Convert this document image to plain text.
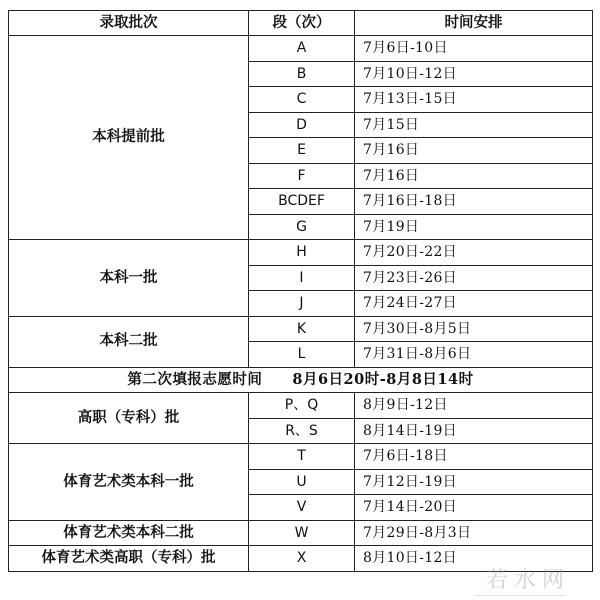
录取批次	段（次）	时间安排
本科提前批	A	7月6日-10日
	B	7月10日-12日
	C	7月13日-15日
	D	7月15日
	E	7月16日
	F	7月16日
	BCDEF	7月16日-18日
	G	7月19日
本科一批	H	7月20日-22日
	I	7月23日-26日
	J	7月24日-27日
本科二批	K	7月30日-8月5日
	L	7月31日-8月6日
第二次填报志愿时间　　8月6日20时-8月8日14时		
高职（专科）批	P、Q	8月9日-12日
	R、S	8月14日-19日
体育艺术类本科一批	T	7月6日-18日
	U	7月12日-19日
	V	7月14日-20日
体育艺术类本科二批	W	7月29日-8月3日
体育艺术类高职（专科）批	X	8月10日-12日
若水网
